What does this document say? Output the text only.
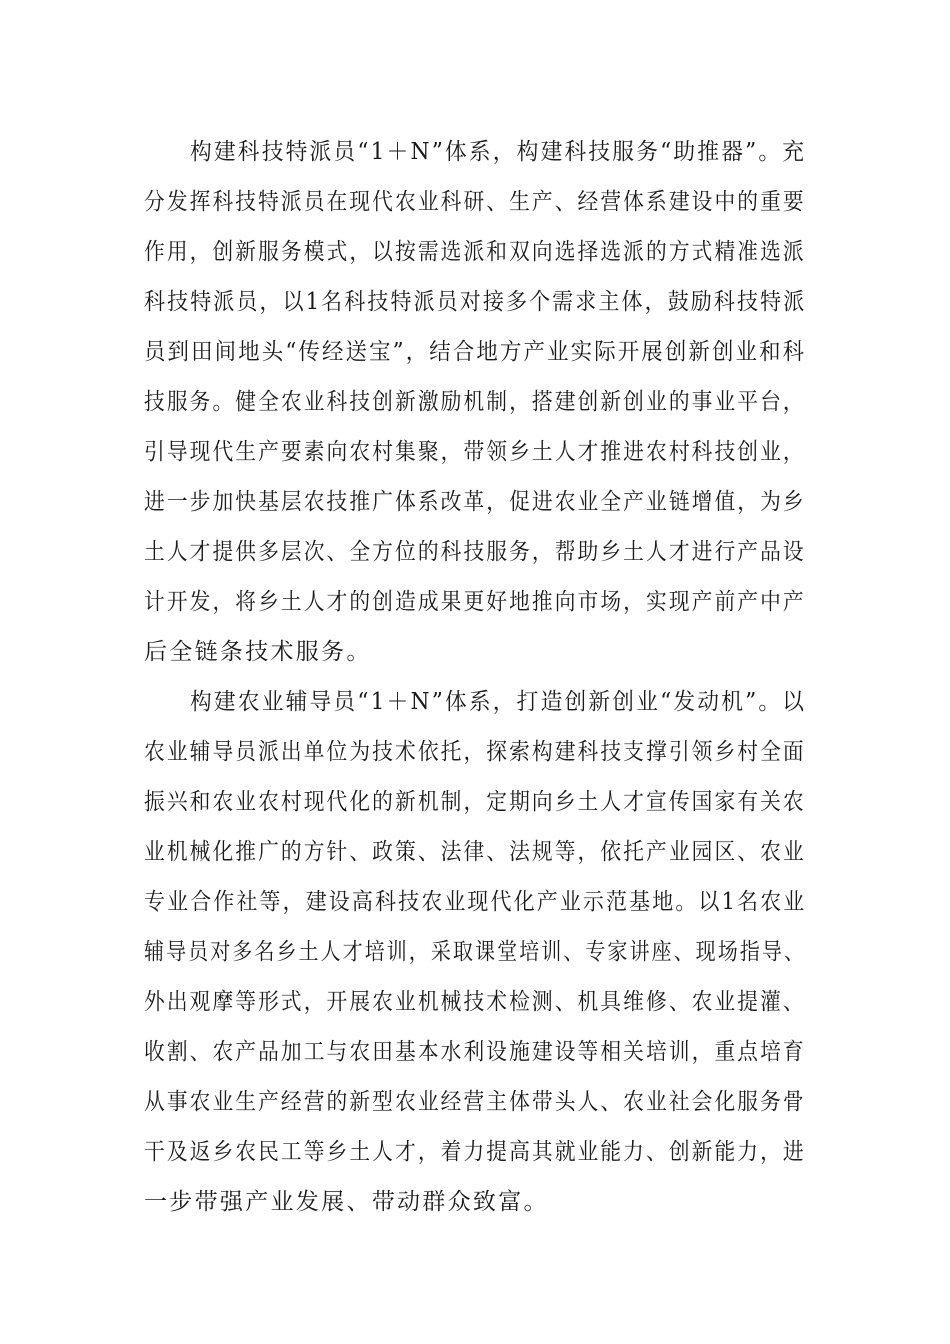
构建科技特派员“1＋N”体系，构建科技服务“助推器”。充
分发挥科技特派员在现代农业科研、生产、经营体系建设中的重要
作用，创新服务模式，以按需选派和双向选择选派的方式精准选派
科技特派员，以1名科技特派员对接多个需求主体，鼓励科技特派
员到田间地头“传经送宝”，结合地方产业实际开展创新创业和科
技服务。健全农业科技创新激励机制，搭建创新创业的事业平台，
引导现代生产要素向农村集聚，带领乡土人才推进农村科技创业，
进一步加快基层农技推广体系改革，促进农业全产业链增值，为乡
土人才提供多层次、全方位的科技服务，帮助乡土人才进行产品设
计开发，将乡土人才的创造成果更好地推向市场，实现产前产中产
后全链条技术服务。
构建农业辅导员“1＋N”体系，打造创新创业“发动机”。以
农业辅导员派出单位为技术依托，探索构建科技支撑引领乡村全面
振兴和农业农村现代化的新机制，定期向乡土人才宣传国家有关农
业机械化推广的方针、政策、法律、法规等，依托产业园区、农业
专业合作社等，建设高科技农业现代化产业示范基地。以1名农业
辅导员对多名乡土人才培训，采取课堂培训、专家讲座、现场指导、
外出观摩等形式，开展农业机械技术检测、机具维修、农业提灌、
收割、农产品加工与农田基本水利设施建设等相关培训，重点培育
从事农业生产经营的新型农业经营主体带头人、农业社会化服务骨
干及返乡农民工等乡土人才，着力提高其就业能力、创新能力，进
一步带强产业发展、带动群众致富。
